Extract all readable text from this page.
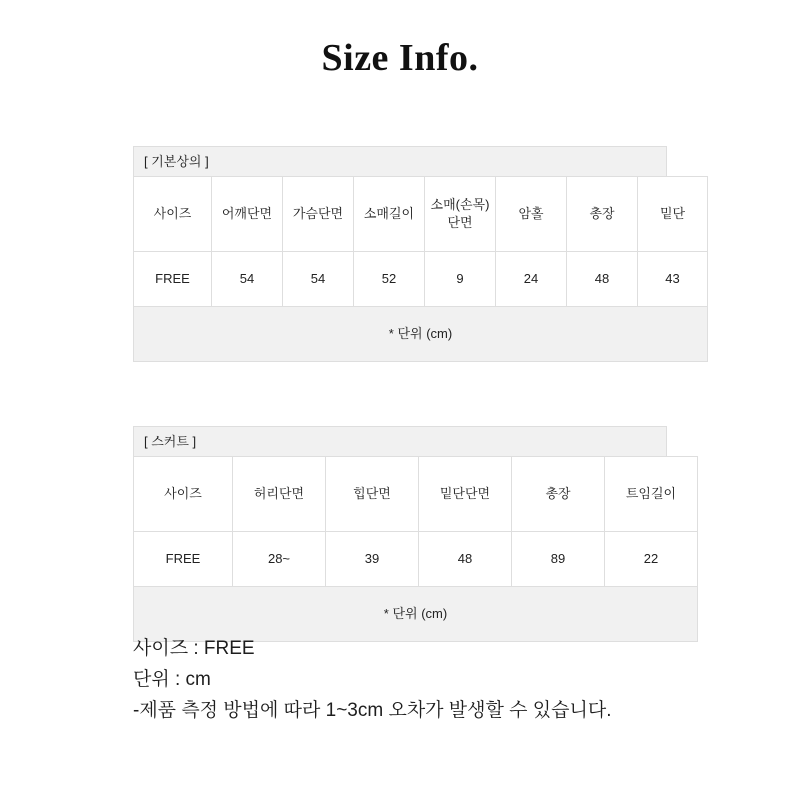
Size Info.
[ 기본상의 ]
사이즈	어깨단면	가슴단면	소매길이	소매(손목)단면	암홀	총장	밑단
FREE	54	54	52	9	24	48	43
* 단위 (cm)							
[ 스커트 ]
사이즈	허리단면	힙단면	밑단단면	총장	트임길이
FREE	28~	39	48	89	22
* 단위 (cm)					
사이즈 : FREE
단위 : cm
-제품 측정 방법에 따라 1~3cm 오차가 발생할 수 있습니다.
